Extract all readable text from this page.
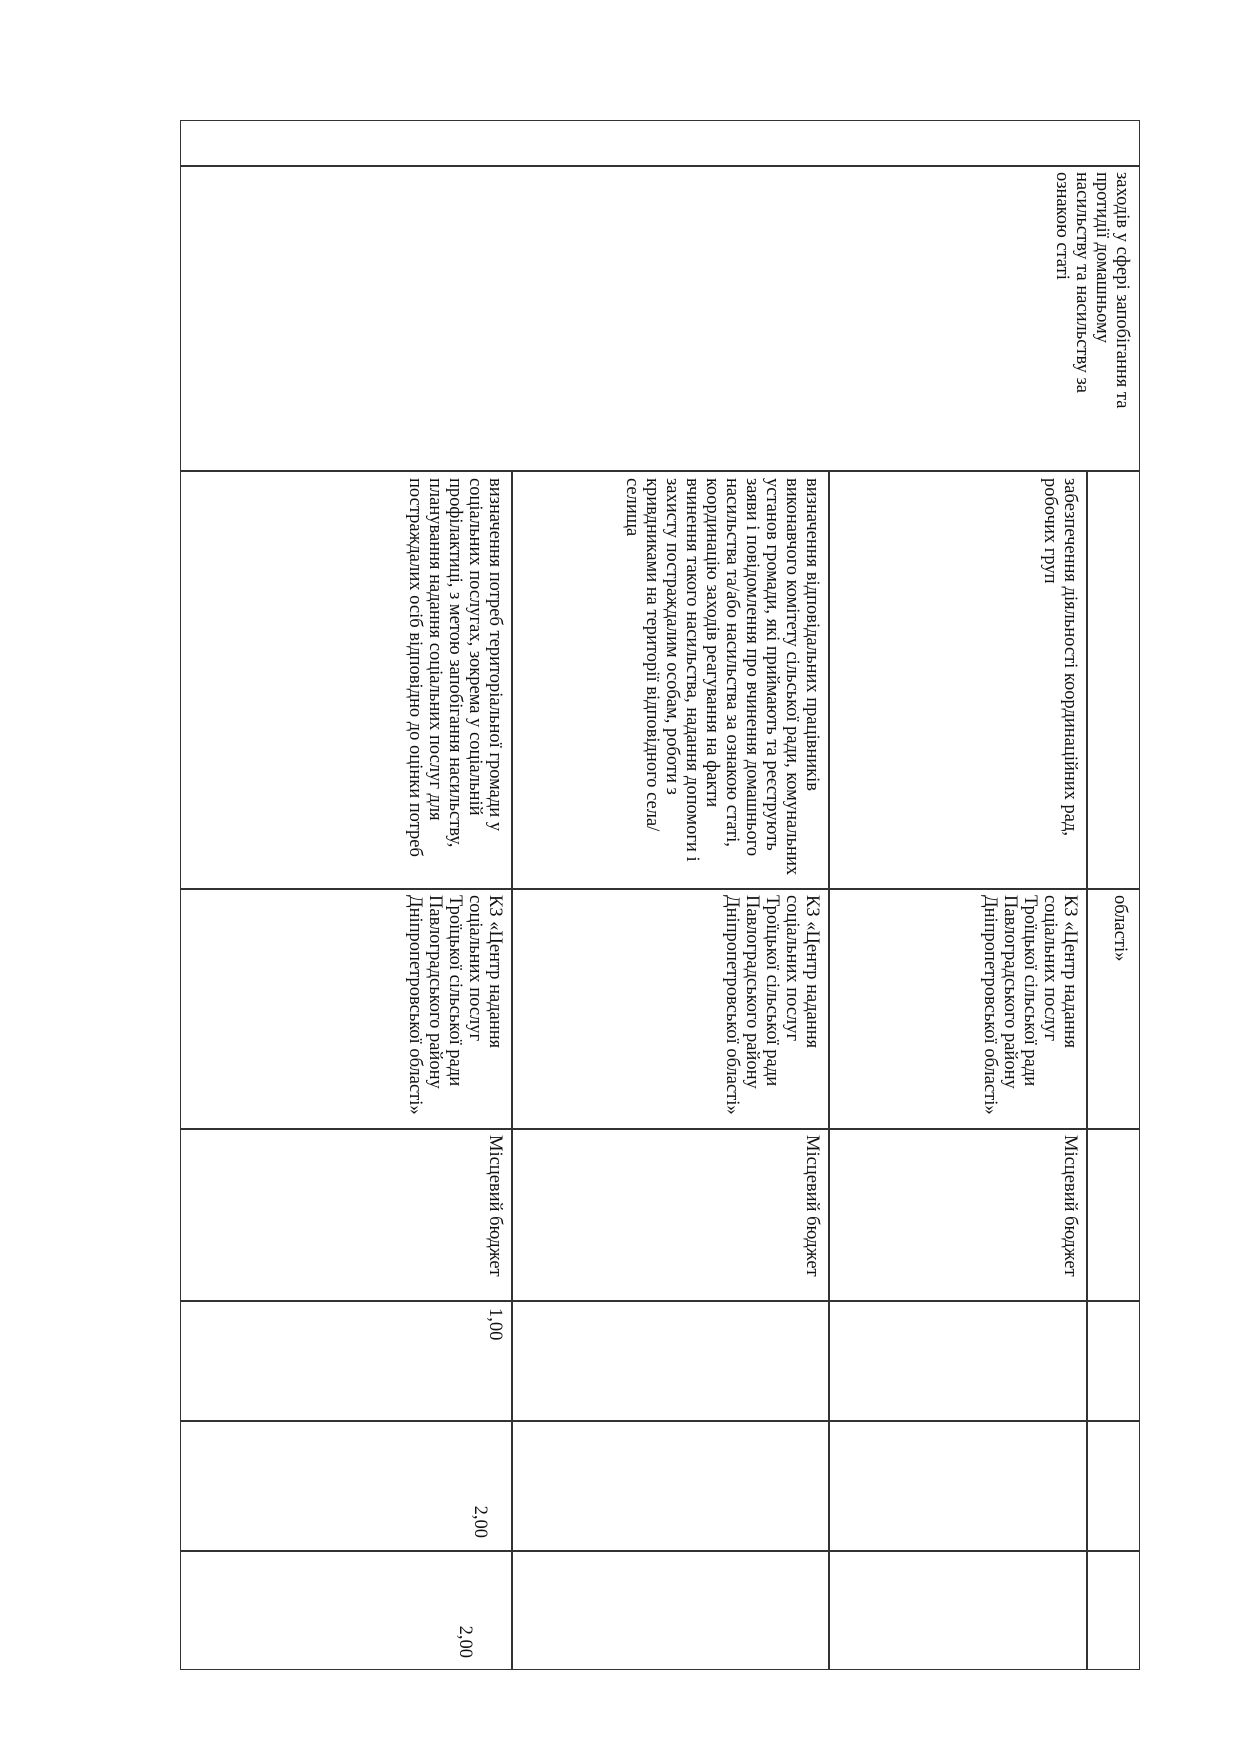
заходів у сфері запобігання та
протидії домашньому
насильству та насильству за
ознакою статі
області»
забезпечення діяльності координаційних рад, робочих груп
КЗ «Центр надання соціальних послуг Троїцької сільської ради Павлоградського району Дніпропетровської області»
Місцевий бюджет
визначення відповідальних працівників виконавчого комітету сільської ради, комунальних установ громади, які приймають та реєструють заяви і повідомлення про вчинення домашнього насильства та/або насильства за ознакою статі, координацію заходів реагування на факти вчинення такого насильства, надання допомоги і захисту постраждалим особам, роботи з кривдниками на території відповідного села/селища
КЗ «Центр надання соціальних послуг Троїцької сільської ради Павлоградського району Дніпропетровської області»
Місцевий бюджет
визначення потреб територіальної громади у соціальних послугах, зокрема у соціальній профілактиці, з метою запобігання насильству, планування надання соціальних послуг для постраждалих осіб відповідно до оцінки потреб
КЗ «Центр надання соціальних послуг Троїцької сільської ради Павлоградського району Дніпропетровської області»
Місцевий бюджет
1,00
2,00
2,00
